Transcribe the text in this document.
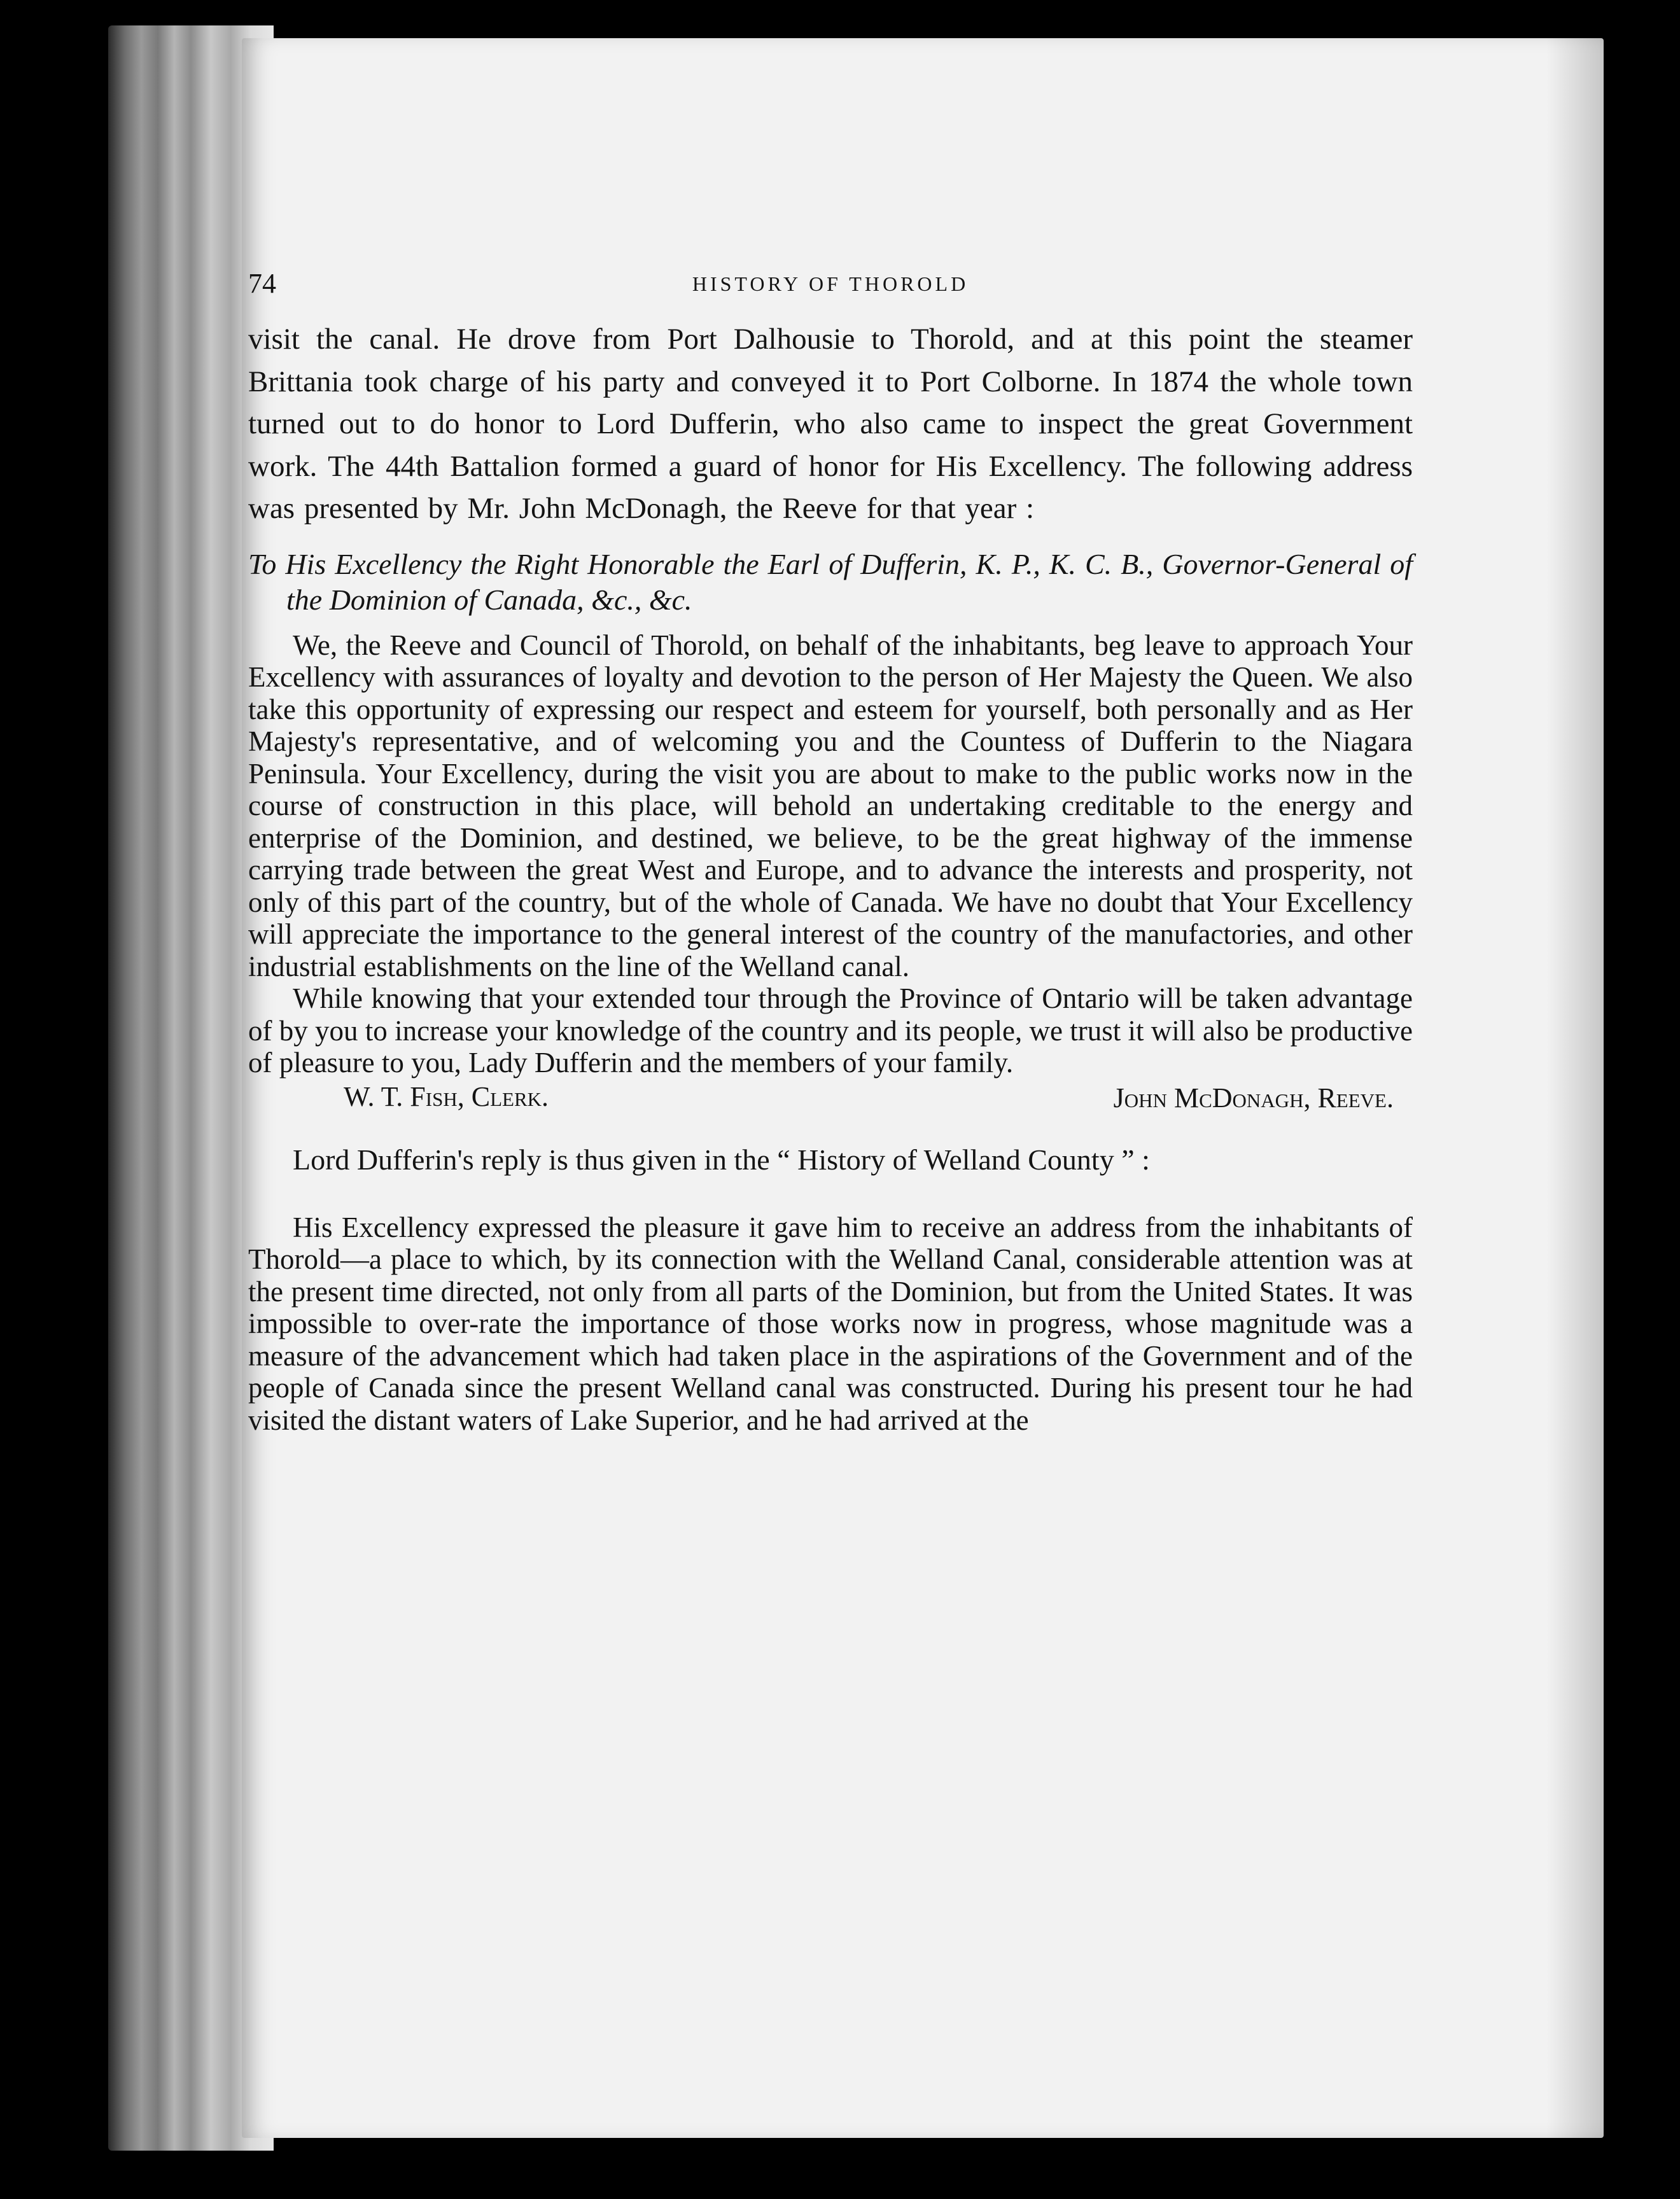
74	HISTORY OF THOROLD

visit the canal. He drove from Port Dalhousie to Thorold, and at this point the steamer Brittania took charge of his party and conveyed it to Port Colborne. In 1874 the whole town turned out to do honor to Lord Dufferin, who also came to inspect the great Government work. The 44th Battalion formed a guard of honor for His Excellency. The following address was presented by Mr. John McDonagh, the Reeve for that year :

To His Excellency the Right Honorable the Earl of Dufferin, K. P., K. C. B., Governor-General of the Dominion of Canada, &c., &c.

We, the Reeve and Council of Thorold, on behalf of the inhabitants, beg leave to approach Your Excellency with assurances of loyalty and devotion to the person of Her Majesty the Queen. We also take this opportunity of expressing our respect and esteem for yourself, both personally and as Her Majesty's representative, and of welcoming you and the Countess of Dufferin to the Niagara Peninsula. Your Excellency, during the visit you are about to make to the public works now in the course of construction in this place, will behold an undertaking creditable to the energy and enterprise of the Dominion, and destined, we believe, to be the great highway of the immense carrying trade between the great West and Europe, and to advance the interests and prosperity, not only of this part of the country, but of the whole of Canada. We have no doubt that Your Excellency will appreciate the importance to the general interest of the country of the manufactories, and other industrial establishments on the line of the Welland canal.

While knowing that your extended tour through the Province of Ontario will be taken advantage of by you to increase your knowledge of the country and its people, we trust it will also be productive of pleasure to you, Lady Dufferin and the members of your family.

W. T. Fish, Clerk.	John McDonagh, Reeve.

Lord Dufferin's reply is thus given in the “ History of Welland County ” :

His Excellency expressed the pleasure it gave him to receive an address from the inhabitants of Thorold—a place to which, by its connection with the Welland Canal, considerable attention was at the present time directed, not only from all parts of the Dominion, but from the United States. It was impossible to over-rate the importance of those works now in progress, whose magnitude was a measure of the advancement which had taken place in the aspirations of the Government and of the people of Canada since the present Welland canal was constructed. During his present tour he had visited the distant waters of Lake Superior, and he had arrived at the
